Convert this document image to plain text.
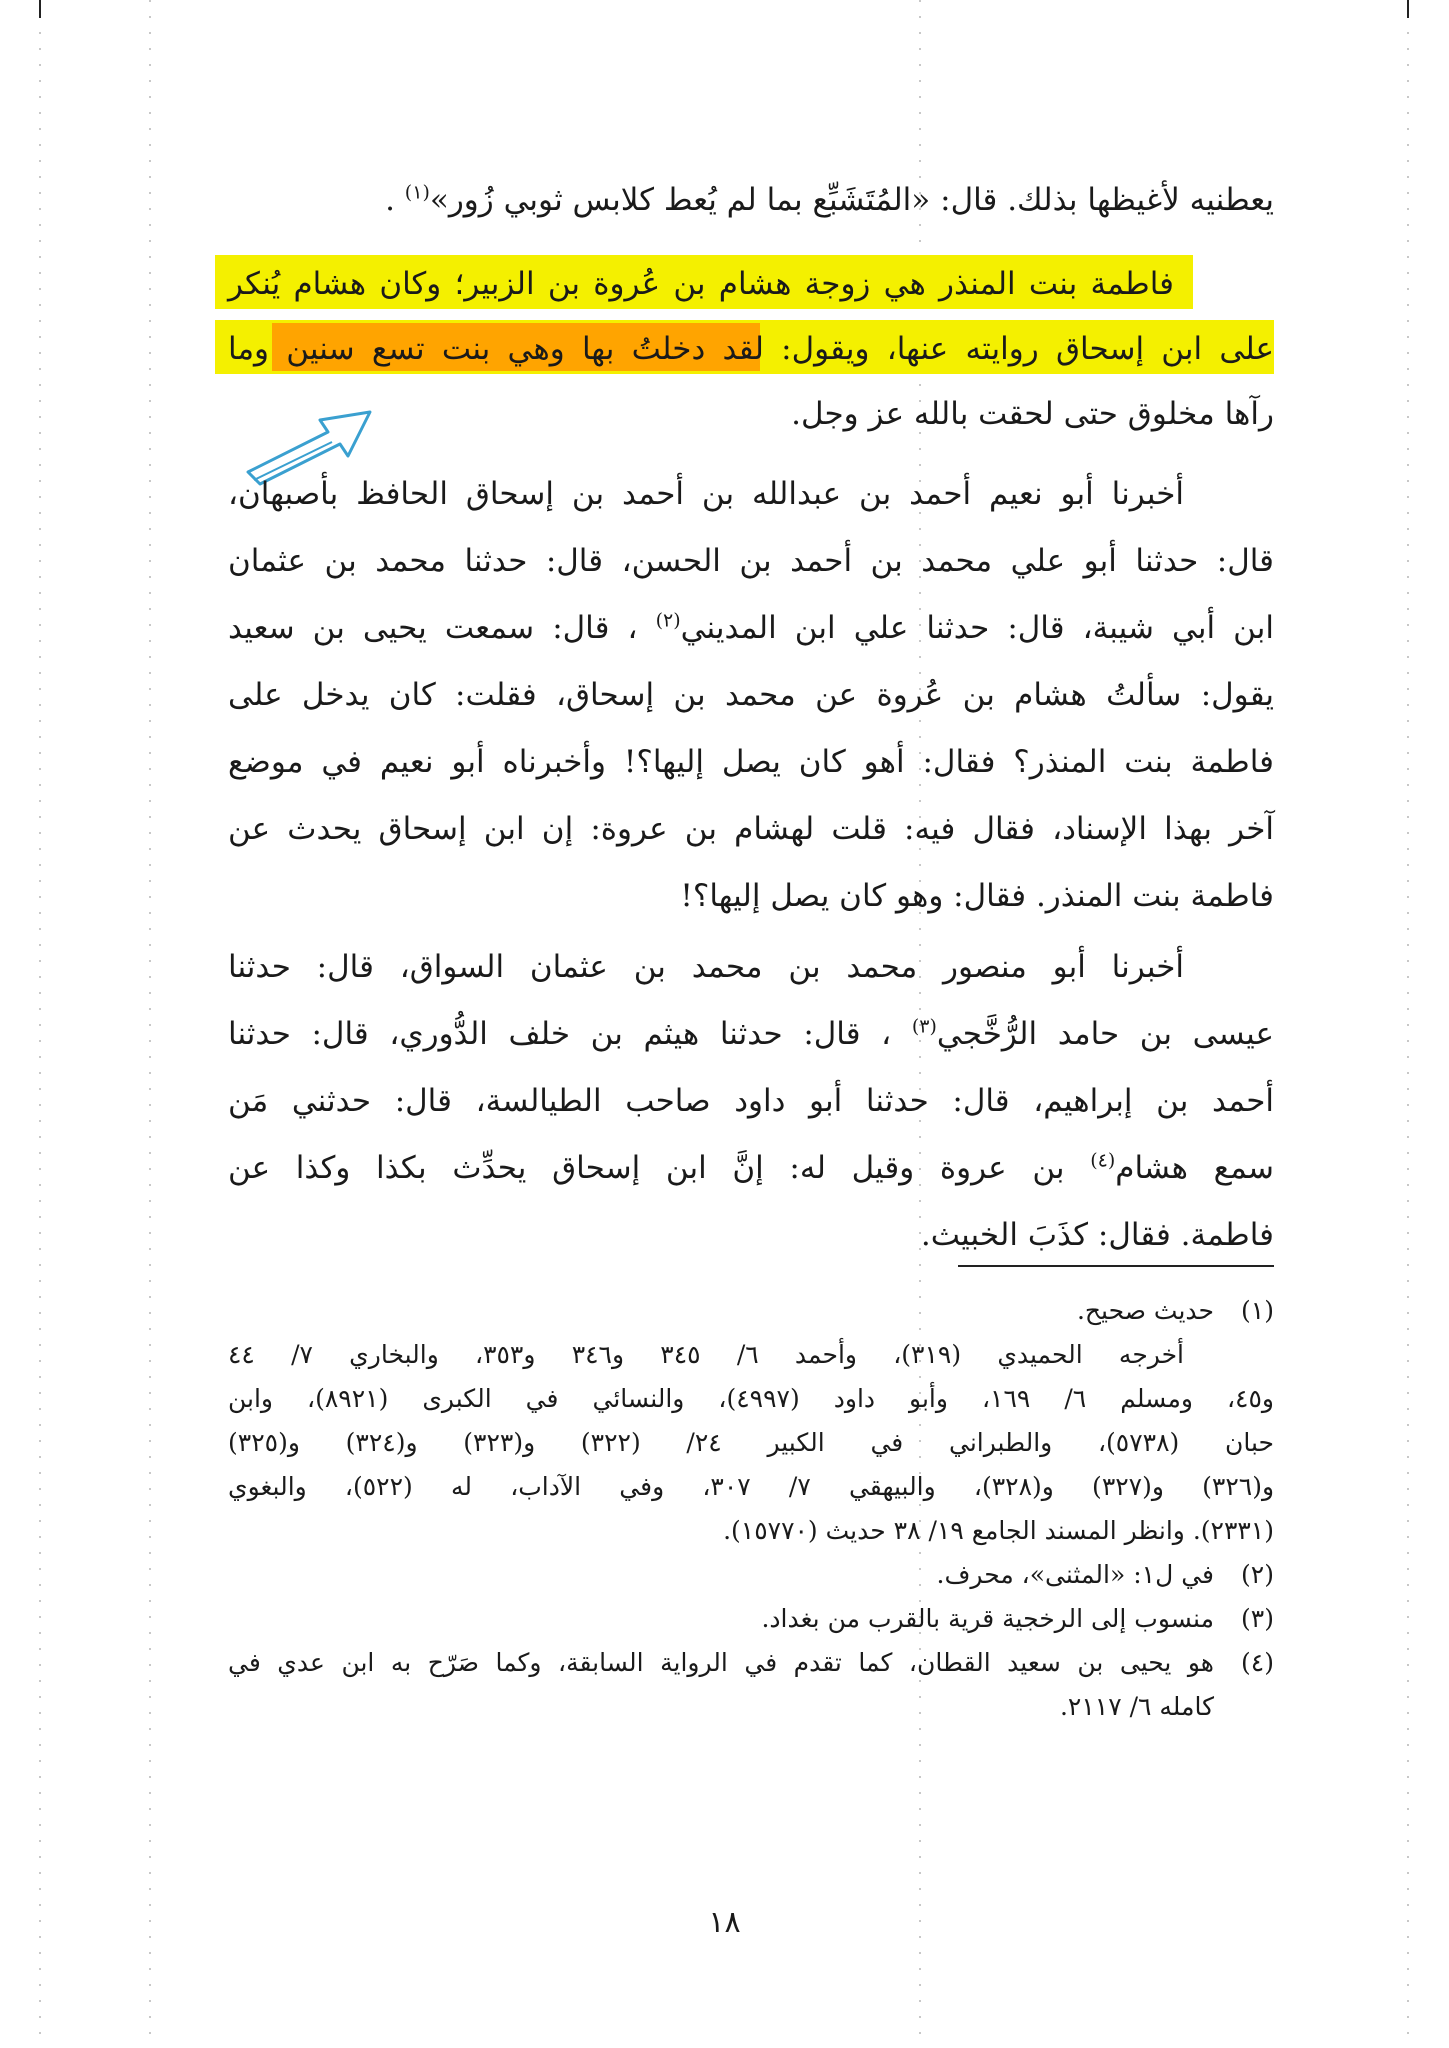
يعطنيه لأغيظها بذلك. قال: «المُتَشَبِّع بما لم يُعط كلابس ثوبي زُور»$^{(١)}$ .
فاطمة بنت المنذر هي زوجة هشام بن عُروة بن الزبير؛ وكان هشام يُنكر
على ابن إسحاق روايته عنها، ويقول: لقد دخلتُ بها وهي بنت تسع سنين وما
رآها مخلوق حتى لحقت بالله عز وجل.
أخبرنا أبو نعيم أحمد بن عبدالله بن أحمد بن إسحاق الحافظ بأصبهان،
قال: حدثنا أبو علي محمد بن أحمد بن الحسن، قال: حدثنا محمد بن عثمان
ابن أبي شيبة، قال: حدثنا علي ابن المديني$^{(٢)}$ ، قال: سمعت يحيى بن سعيد
يقول: سألتُ هشام بن عُروة عن محمد بن إسحاق، فقلت: كان يدخل على
فاطمة بنت المنذر؟ فقال: أهو كان يصل إليها؟! وأخبرناه أبو نعيم في موضع
آخر بهذا الإسناد، فقال فيه: قلت لهشام بن عروة: إن ابن إسحاق يحدث عن
فاطمة بنت المنذر. فقال: وهو كان يصل إليها؟!
أخبرنا أبو منصور محمد بن محمد بن عثمان السواق، قال: حدثنا
عيسى بن حامد الرُّخَّجي$^{(٣)}$ ، قال: حدثنا هيثم بن خلف الدُّوري، قال: حدثنا
أحمد بن إبراهيم، قال: حدثنا أبو داود صاحب الطيالسة، قال: حدثني مَن
سمع هشام$^{(٤)}$ بن عروة وقيل له: إنَّ ابن إسحاق يحدِّث بكذا وكذا عن
فاطمة. فقال: كذَبَ الخبيث.
(١)حديث صحيح.
أخرجه الحميدي (٣١٩)، وأحمد ٦/ ٣٤٥ و٣٤٦ و٣٥٣، والبخاري ٧/ ٤٤
و٤٥، ومسلم ٦/ ١٦٩، وأبو داود (٤٩٩٧)، والنسائي في الكبرى (٨٩٢١)، وابن
حبان (٥٧٣٨)، والطبراني في الكبير ٢٤/ (٣٢٢) و(٣٢٣) و(٣٢٤) و(٣٢٥)
و(٣٢٦) و(٣٢٧) و(٣٢٨)، والبيهقي ٧/ ٣٠٧، وفي الآداب، له (٥٢٢)، والبغوي
(٢٣٣١). وانظر المسند الجامع ١٩/ ٣٨ حديث (١٥٧٧٠).
(٢)في ل١: «المثنى»، محرف.
(٣)منسوب إلى الرخجية قرية بالقرب من بغداد.
(٤)هو يحيى بن سعيد القطان، كما تقدم في الرواية السابقة، وكما صَرّح به ابن عدي في
كامله ٦/ ٢١١٧.
١٨
